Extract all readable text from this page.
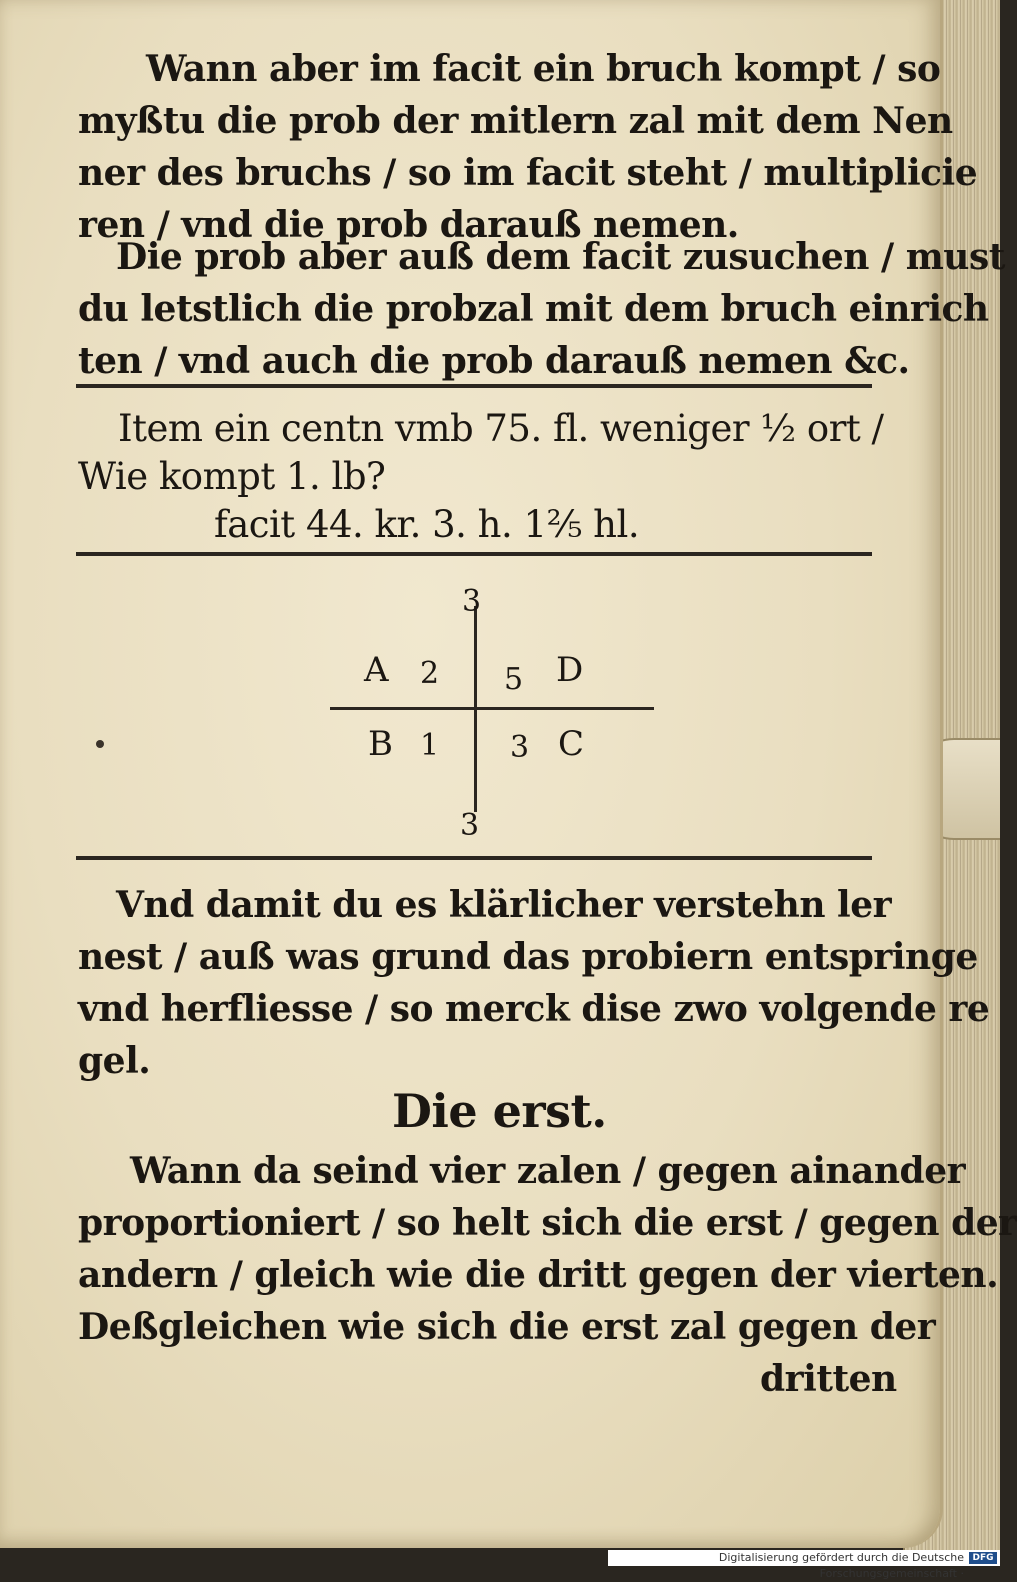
Wann aber im facit ein bruch kompt / so
myßtu die prob der mitlern zal mit dem Nen
ner des bruchs / so im facit steht / multiplicie
ren / vnd die prob darauß nemen.
Die prob aber auß dem facit zusuchen / must
du letstlich die probzal mit dem bruch einrich
ten / vnd auch die prob darauß nemen &c.
Item ein centn vmb 75. fl. weniger ½ ort /
Wie kompt 1. lb?
facit 44. kr. 3. h. 1⅖ hl.
3
3
A 2 5 D
B 1 3 C
Vnd damit du es klärlicher verstehn ler
nest / auß was grund das probiern entspringe
vnd herfliesse / so merck dise zwo volgende re
gel.
Die erst.
Wann da seind vier zalen / gegen ainander
proportioniert / so helt sich die erst / gegen der
andern / gleich wie die dritt gegen der vierten.
Deßgleichen wie sich die erst zal gegen der
dritten
Digitalisierung gefördert durch die Deutsche Forschungsgemeinschaft ·
DFG
